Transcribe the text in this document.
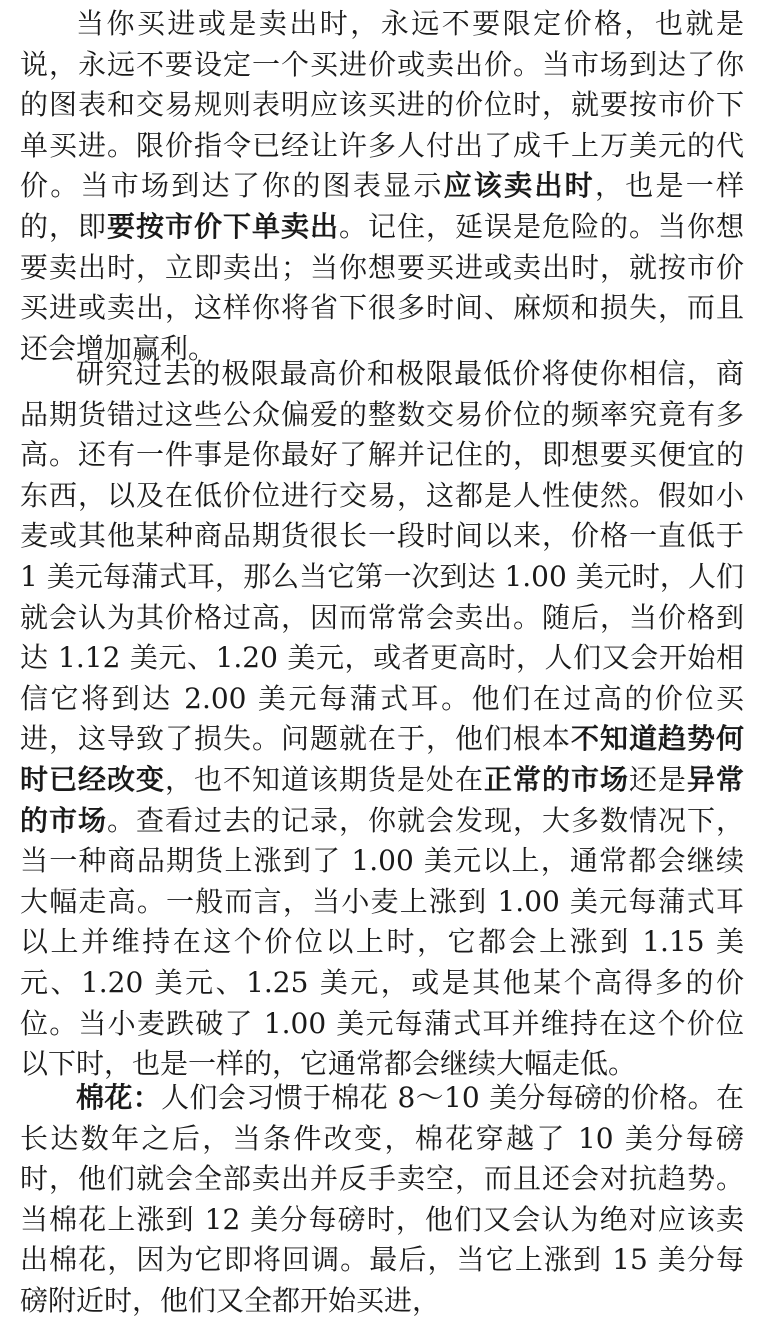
当你买进或是卖出时，永远不要限定价格，也就是说，永远不要设定一个买进价或卖出价。当市场到达了你的图表和交易规则表明应该买进的价位时，就要按市价下单买进。限价指令已经让许多人付出了成千上万美元的代价。当市场到达了你的图表显示应该卖出时，也是一样的，即要按市价下单卖出。记住，延误是危险的。当你想要卖出时，立即卖出；当你想要买进或卖出时，就按市价买进或卖出，这样你将省下很多时间、麻烦和损失，而且还会增加赢利。

研究过去的极限最高价和极限最低价将使你相信，商品期货错过这些公众偏爱的整数交易价位的频率究竟有多高。还有一件事是你最好了解并记住的，即想要买便宜的东西，以及在低价位进行交易，这都是人性使然。假如小麦或其他某种商品期货很长一段时间以来，价格一直低于 1 美元每蒲式耳，那么当它第一次到达 1.00 美元时，人们就会认为其价格过高，因而常常会卖出。随后，当价格到达 1.12 美元、1.20 美元，或者更高时，人们又会开始相信它将到达 2.00 美元每蒲式耳。他们在过高的价位买进，这导致了损失。问题就在于，他们根本不知道趋势何时已经改变，也不知道该期货是处在正常的市场还是异常的市场。查看过去的记录，你就会发现，大多数情况下，当一种商品期货上涨到了 1.00 美元以上，通常都会继续大幅走高。一般而言，当小麦上涨到 1.00 美元每蒲式耳以上并维持在这个价位以上时，它都会上涨到 1.15 美元、1.20 美元、1.25 美元，或是其他某个高得多的价位。当小麦跌破了 1.00 美元每蒲式耳并维持在这个价位以下时，也是一样的，它通常都会继续大幅走低。

棉花：人们会习惯于棉花 8～10 美分每磅的价格。在长达数年之后，当条件改变，棉花穿越了 10 美分每磅时，他们就会全部卖出并反手卖空，而且还会对抗趋势。当棉花上涨到 12 美分每磅时，他们又会认为绝对应该卖出棉花，因为它即将回调。最后，当它上涨到 15 美分每磅附近时，他们又全都开始买进，
